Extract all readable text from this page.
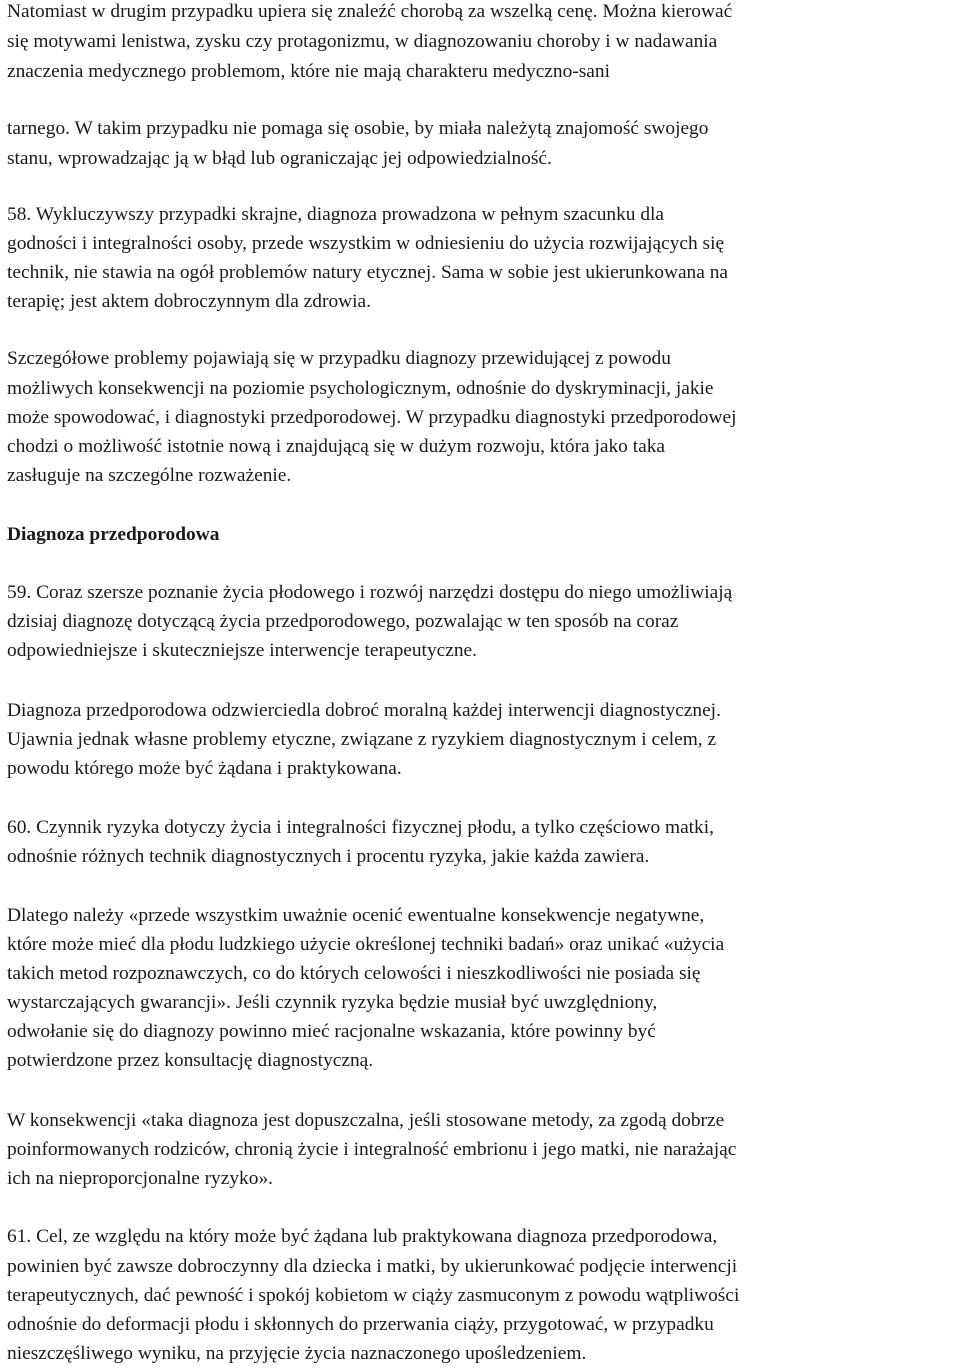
Natomiast w drugim przypadku upiera się znaleźć chorobą za wszelką cenę. Można kierować
się motywami lenistwa, zysku czy protagonizmu, w diagnozowaniu choroby i w nadawania
znaczenia medycznego problemom, które nie mają charakteru medyczno-sani
tarnego. W takim przypadku nie pomaga się osobie, by miała należytą znajomość swojego
stanu, wprowadzając ją w błąd lub ograniczając jej odpowiedzialność.
58. Wykluczywszy przypadki skrajne, diagnoza prowadzona w pełnym szacunku dla
godności i integralności osoby, przede wszystkim w odniesieniu do użycia rozwijających się
technik, nie stawia na ogół problemów natury etycznej. Sama w sobie jest ukierunkowana na
terapię; jest aktem dobroczynnym dla zdrowia.
Szczegółowe problemy pojawiają się w przypadku diagnozy przewidującej z powodu
możliwych konsekwencji na poziomie psychologicznym, odnośnie do dyskryminacji, jakie
może spowodować, i diagnostyki przedporodowej. W przypadku diagnostyki przedporodowej
chodzi o możliwość istotnie nową i znajdującą się w dużym rozwoju, która jako taka
zasługuje na szczególne rozważenie.
Diagnoza przedporodowa
59. Coraz szersze poznanie życia płodowego i rozwój narzędzi dostępu do niego umożliwiają
dzisiaj diagnozę dotyczącą życia przedporodowego, pozwalając w ten sposób na coraz
odpowiedniejsze i skuteczniejsze interwencje terapeutyczne.
Diagnoza przedporodowa odzwierciedla dobroć moralną każdej interwencji diagnostycznej.
Ujawnia jednak własne problemy etyczne, związane z ryzykiem diagnostycznym i celem, z
powodu którego może być żądana i praktykowana.
60. Czynnik ryzyka dotyczy życia i integralności fizycznej płodu, a tylko częściowo matki,
odnośnie różnych technik diagnostycznych i procentu ryzyka, jakie każda zawiera.
Dlatego należy «przede wszystkim uważnie ocenić ewentualne konsekwencje negatywne,
które może mieć dla płodu ludzkiego użycie określonej techniki badań» oraz unikać «użycia
takich metod rozpoznawczych, co do których celowości i nieszkodliwości nie posiada się
wystarczających gwarancji». Jeśli czynnik ryzyka będzie musiał być uwzględniony,
odwołanie się do diagnozy powinno mieć racjonalne wskazania, które powinny być
potwierdzone przez konsultację diagnostyczną.
W konsekwencji «taka diagnoza jest dopuszczalna, jeśli stosowane metody, za zgodą dobrze
poinformowanych rodziców, chronią życie i integralność embrionu i jego matki, nie narażając
ich na nieproporcjonalne ryzyko».
61. Cel, ze względu na który może być żądana lub praktykowana diagnoza przedporodowa,
powinien być zawsze dobroczynny dla dziecka i matki, by ukierunkować podjęcie interwencji
terapeutycznych, dać pewność i spokój kobietom w ciąży zasmuconym z powodu wątpliwości
odnośnie do deformacji płodu i skłonnych do przerwania ciąży, przygotować, w przypadku
nieszczęśliwego wyniku, na przyjęcie życia naznaczonego upośledzeniem.
